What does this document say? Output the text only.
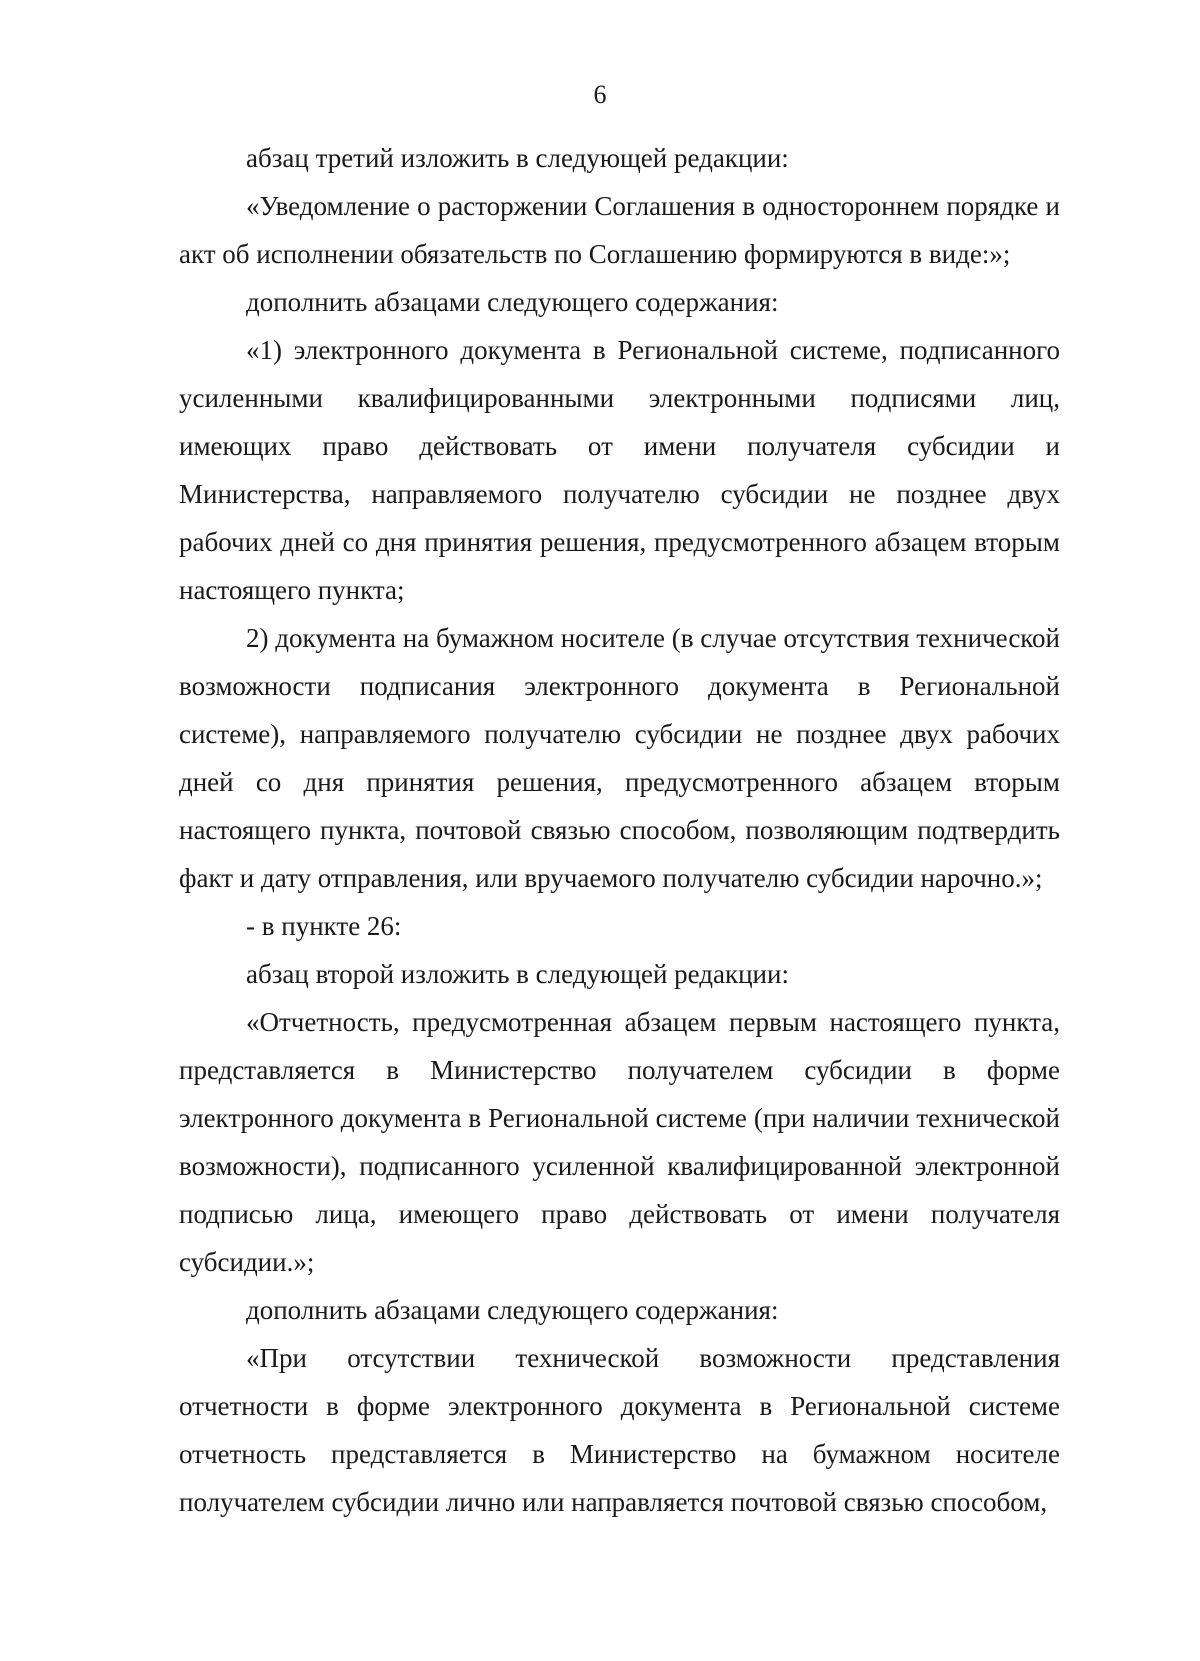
6

абзац третий изложить в следующей редакции:

«Уведомление о расторжении Соглашения в одностороннем порядке и акт об исполнении обязательств по Соглашению формируются в виде:»;

дополнить абзацами следующего содержания:

«1) электронного документа в Региональной системе, подписанного усиленными квалифицированными электронными подписями лиц, имеющих право действовать от имени получателя субсидии и Министерства, направляемого получателю субсидии не позднее двух рабочих дней со дня принятия решения, предусмотренного абзацем вторым настоящего пункта;

2) документа на бумажном носителе (в случае отсутствия технической возможности подписания электронного документа в Региональной системе), направляемого получателю субсидии не позднее двух рабочих дней со дня принятия решения, предусмотренного абзацем вторым настоящего пункта, почтовой связью способом, позволяющим подтвердить факт и дату отправления, или вручаемого получателю субсидии нарочно.»;

- в пункте 26:

абзац второй изложить в следующей редакции:

«Отчетность, предусмотренная абзацем первым настоящего пункта, представляется в Министерство получателем субсидии в форме электронного документа в Региональной системе (при наличии технической возможности), подписанного усиленной квалифицированной электронной подписью лица, имеющего право действовать от имени получателя субсидии.»;

дополнить абзацами следующего содержания:

«При отсутствии технической возможности представления отчетности в форме электронного документа в Региональной системе отчетность представляется в Министерство на бумажном носителе получателем субсидии лично или направляется почтовой связью способом,
